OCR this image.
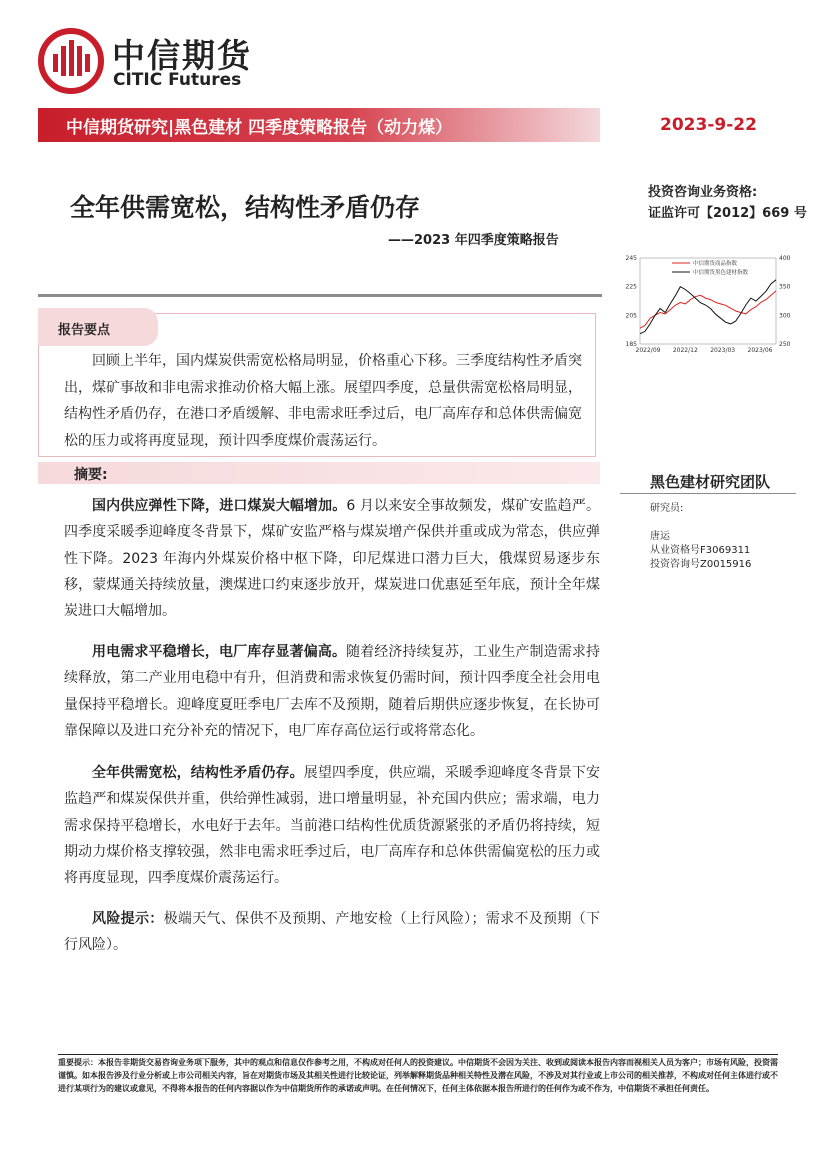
中信期货
CITIC Futures
中信期货研究|黑色建材 四季度策略报告（动力煤）	2023-9-22
全年供需宽松，结构性矛盾仍存
——2023 年四季度策略报告
投资咨询业务资格:
证监许可【2012】669 号
185
205
225
245
250
300
350
400
2022/09 2022/12 2023/03 2023/06
中信期货商品指数
中信期货黑色建材指数
黑色建材研究团队
研究员:
唐运
从业资格号F3069311
投资咨询号Z0015916
报告要点
回顾上半年，国内煤炭供需宽松格局明显，价格重心下移。三季度结构性矛盾突出，煤矿事故和非电需求推动价格大幅上涨。展望四季度，总量供需宽松格局明显，结构性矛盾仍存，在港口矛盾缓解、非电需求旺季过后，电厂高库存和总体供需偏宽松的压力或将再度显现，预计四季度煤价震荡运行。
摘要:
国内供应弹性下降，进口煤炭大幅增加。6 月以来安全事故频发，煤矿安监趋严。四季度采暖季迎峰度冬背景下，煤矿安监严格与煤炭增产保供并重或成为常态，供应弹性下降。2023 年海内外煤炭价格中枢下降，印尼煤进口潜力巨大，俄煤贸易逐步东移，蒙煤通关持续放量，澳煤进口约束逐步放开，煤炭进口优惠延至年底，预计全年煤炭进口大幅增加。
用电需求平稳增长，电厂库存显著偏高。随着经济持续复苏，工业生产制造需求持续释放，第二产业用电稳中有升，但消费和需求恢复仍需时间，预计四季度全社会用电量保持平稳增长。迎峰度夏旺季电厂去库不及预期，随着后期供应逐步恢复，在长协可靠保障以及进口充分补充的情况下，电厂库存高位运行或将常态化。
全年供需宽松，结构性矛盾仍存。展望四季度，供应端，采暖季迎峰度冬背景下安监趋严和煤炭保供并重，供给弹性减弱，进口增量明显，补充国内供应；需求端，电力需求保持平稳增长，水电好于去年。当前港口结构性优质货源紧张的矛盾仍将持续，短期动力煤价格支撑较强，然非电需求旺季过后，电厂高库存和总体供需偏宽松的压力或将再度显现，四季度煤价震荡运行。
风险提示：极端天气、保供不及预期、产地安检（上行风险）；需求不及预期（下行风险）。
重要提示：本报告非期货交易咨询业务项下服务，其中的观点和信息仅作参考之用，不构成对任何人的投资建议。中信期货不会因为关注、收到或阅读本报告内容而视相关人员为客户；市场有风险，投资需谨慎。如本报告涉及行业分析或上市公司相关内容，旨在对期货市场及其相关性进行比较论证，列举解释期货品种相关特性及潜在风险，不涉及对其行业或上市公司的相关推荐，不构成对任何主体进行或不进行某项行为的建议或意见，不得将本报告的任何内容据以作为中信期货所作的承诺或声明。在任何情况下，任何主体依据本报告所进行的任何作为或不作为，中信期货不承担任何责任。
